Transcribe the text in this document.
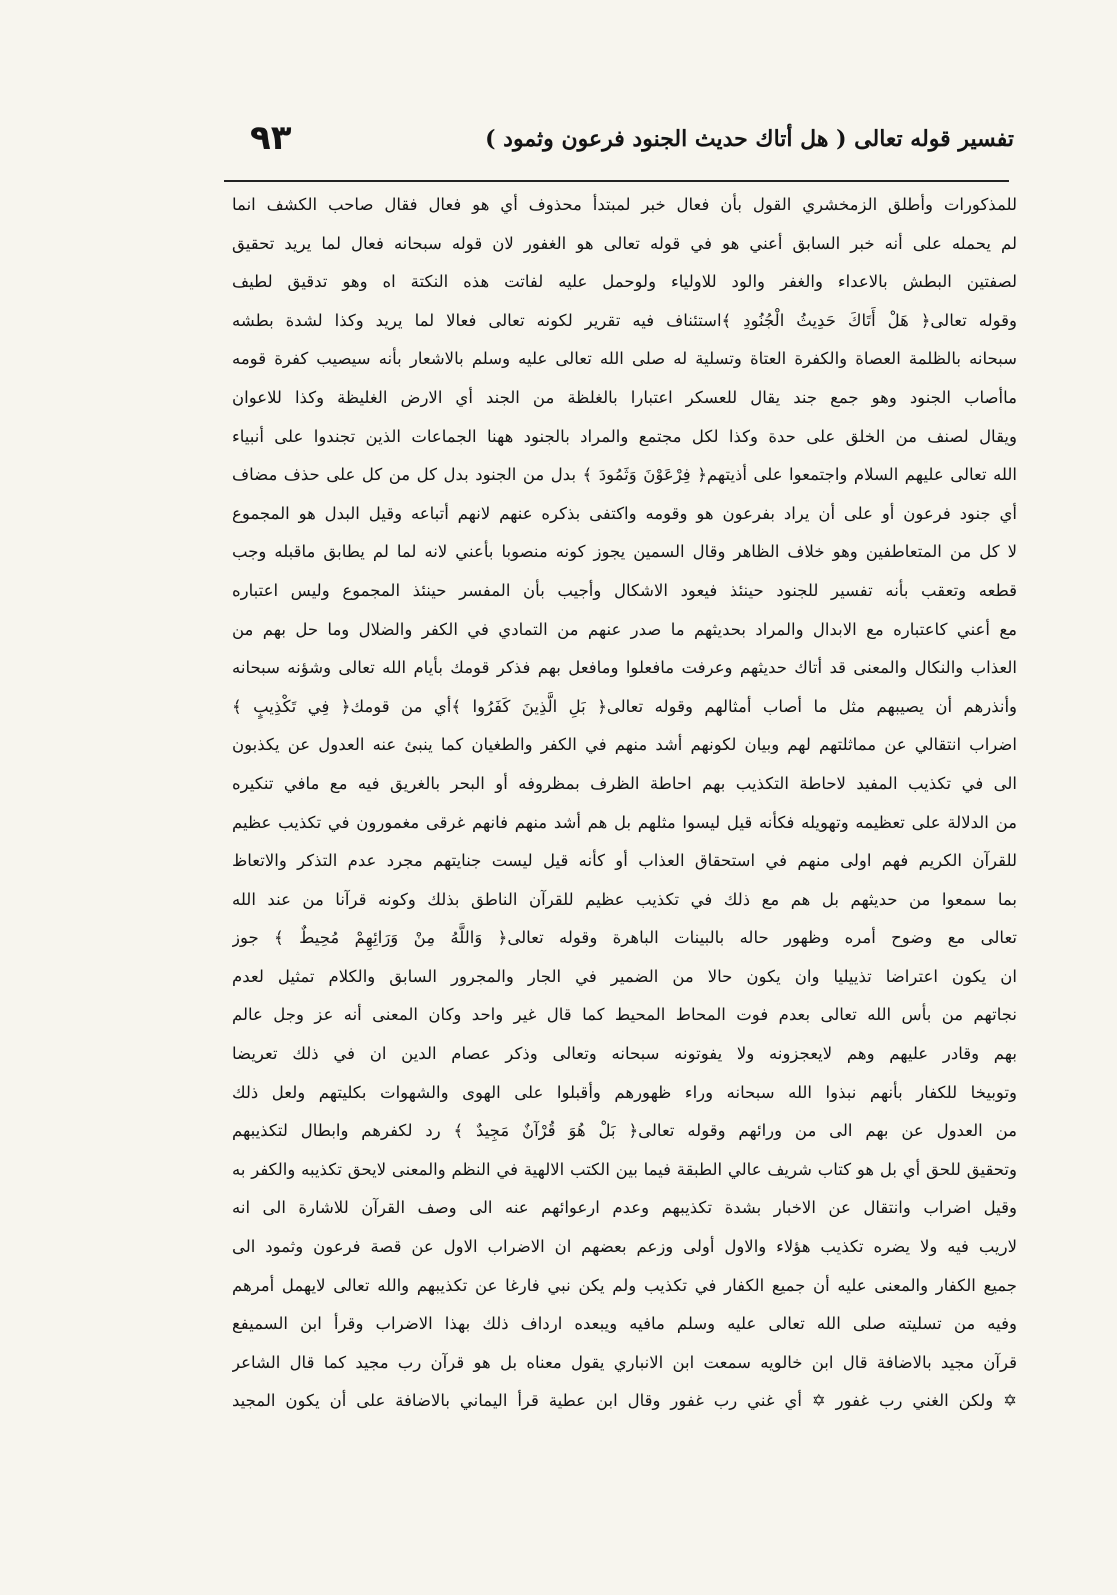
تفسير قوله تعالى ( هل أتاك حديث الجنود فرعون وثمود )
٩٣
للمذكورات وأطلق الزمخشري القول بأن فعال خبر لمبتدأ محذوف أي هو فعال فقال صاحب الكشف انما
لم يحمله على أنه خبر السابق أعني هو في قوله تعالى هو الغفور لان قوله سبحانه فعال لما يريد تحقيق
لصفتين البطش بالاعداء والغفر والود للاولياء ولوحمل عليه لفاتت هذه النكتة اه وهو تدقيق لطيف
وقوله تعالى﴿ هَلْ أَتَاكَ حَدِيثُ الْجُنُودِ ﴾استئناف فيه تقرير لكونه تعالى فعالا لما يريد وكذا لشدة بطشه
سبحانه بالظلمة العصاة والكفرة العتاة وتسلية له صلى الله تعالى عليه وسلم بالاشعار بأنه سيصيب كفرة قومه
ماأصاب الجنود وهو جمع جند يقال للعسكر اعتبارا بالغلظة من الجند أي الارض الغليظة وكذا للاعوان
ويقال لصنف من الخلق على حدة وكذا لكل مجتمع والمراد بالجنود ههنا الجماعات الذين تجندوا على أنبياء
الله تعالى عليهم السلام واجتمعوا على أذيتهم﴿ فِرْعَوْنَ وَثَمُودَ ﴾ بدل من الجنود بدل كل من كل على حذف مضاف
أي جنود فرعون أو على أن يراد بفرعون هو وقومه واكتفى بذكره عنهم لانهم أتباعه وقيل البدل هو المجموع
لا كل من المتعاطفين وهو خلاف الظاهر وقال السمين يجوز كونه منصوبا بأعني لانه لما لم يطابق ماقبله وجب
قطعه وتعقب بأنه تفسير للجنود حينئذ فيعود الاشكال وأجيب بأن المفسر حينئذ المجموع وليس اعتباره
مع أعني كاعتباره مع الابدال والمراد بحديثهم ما صدر عنهم من التمادي في الكفر والضلال وما حل بهم من
العذاب والنكال والمعنى قد أتاك حديثهم وعرفت مافعلوا ومافعل بهم فذكر قومك بأيام الله تعالى وشؤنه سبحانه
وأنذرهم أن يصيبهم مثل ما أصاب أمثالهم وقوله تعالى﴿ بَلِ الَّذِينَ كَفَرُوا ﴾أي من قومك﴿ فِي تَكْذِيبٍ ﴾
اضراب انتقالي عن مماثلتهم لهم وبيان لكونهم أشد منهم في الكفر والطغيان كما ينبئ عنه العدول عن يكذبون
الى في تكذيب المفيد لاحاطة التكذيب بهم احاطة الظرف بمظروفه أو البحر بالغريق فيه مع مافي تنكيره
من الدلالة على تعظيمه وتهويله فكأنه قيل ليسوا مثلهم بل هم أشد منهم فانهم غرقى مغمورون في تكذيب عظيم
للقرآن الكريم فهم اولى منهم في استحقاق العذاب أو كأنه قيل ليست جنايتهم مجرد عدم التذكر والاتعاظ
بما سمعوا من حديثهم بل هم مع ذلك في تكذيب عظيم للقرآن الناطق بذلك وكونه قرآنا من عند الله
تعالى مع وضوح أمره وظهور حاله بالبينات الباهرة وقوله تعالى﴿ وَاللَّهُ مِنْ وَرَائِهِمْ مُحِيطٌ ﴾ جوز
ان يكون اعتراضا تذييليا وان يكون حالا من الضمير في الجار والمجرور السابق والكلام تمثيل لعدم
نجاتهم من بأس الله تعالى بعدم فوت المحاط المحيط كما قال غير واحد وكان المعنى أنه عز وجل عالم
بهم وقادر عليهم وهم لايعجزونه ولا يفوتونه سبحانه وتعالى وذكر عصام الدين ان في ذلك تعريضا
وتوبيخا للكفار بأنهم نبذوا الله سبحانه وراء ظهورهم وأقبلوا على الهوى والشهوات بكليتهم ولعل ذلك
من العدول عن بهم الى من ورائهم وقوله تعالى﴿ بَلْ هُوَ قُرْآنٌ مَجِيدٌ ﴾ رد لكفرهم وابطال لتكذيبهم
وتحقيق للحق أي بل هو كتاب شريف عالي الطبقة فيما بين الكتب الالهية في النظم والمعنى لايحق تكذيبه والكفر به
وقيل اضراب وانتقال عن الاخبار بشدة تكذيبهم وعدم ارعوائهم عنه الى وصف القرآن للاشارة الى انه
لاريب فيه ولا يضره تكذيب هؤلاء والاول أولى وزعم بعضهم ان الاضراب الاول عن قصة فرعون وثمود الى
جميع الكفار والمعنى عليه أن جميع الكفار في تكذيب ولم يكن نبي فارغا عن تكذيبهم والله تعالى لايهمل أمرهم
وفيه من تسليته صلى الله تعالى عليه وسلم مافيه ويبعده ارداف ذلك بهذا الاضراب وقرأ ابن السميفع
قرآن مجيد بالاضافة قال ابن خالويه سمعت ابن الانباري يقول معناه بل هو قرآن رب مجيد كما قال الشاعر
✡ ولكن الغني رب غفور ✡ أي غني رب غفور وقال ابن عطية قرأ اليماني بالاضافة على أن يكون المجيد
